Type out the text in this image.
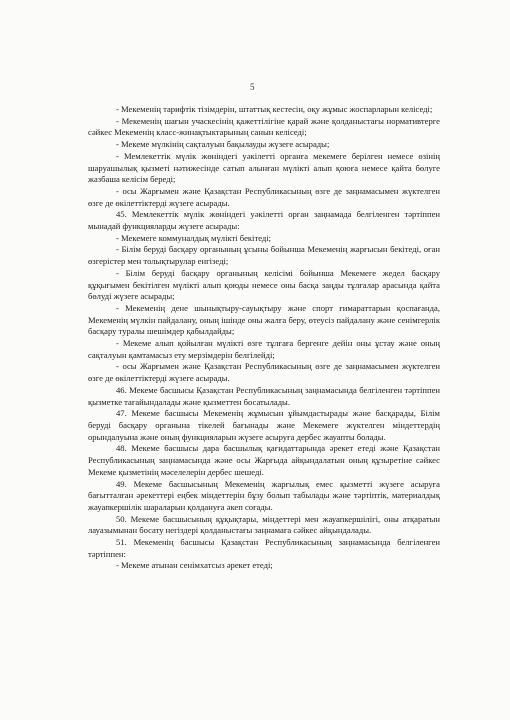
5

- Мекеменің тарифтік тізімдерін, штаттық кестесін, оқу жұмыс жоспарларын келіседі;

- Мекеменің шағын учаскесінің қажеттілігіне қарай және қолданыстағы нормативтерге сәйкес Мекеменің класс-жинақтыктарының санын келіседі;

- Мекеме мүлкінің сақталуын бақылауды жүзеге асырады;

- Мемлекеттік мүлік жөніндегі уәкілетті органға мекемеге берілген немесе өзінің шаруашылық қызметі нәтижесінде сатып алынған мүлікті алып қоюға немесе қайта бөлуге жазбаша келісім береді;

- осы Жарғымен және Қазақстан Республикасының өзге де заңнамасымен жүктелген өзге де өкілеттіктерді жүзеге асырады.

45. Мемлекеттік мүлік жөніндегі уәкілетті орган заңнамада белгіленген тәртіппен мынадай функцияларды жүзеге асырады:

- Мекемеге коммуналдық мүлікті бекітеді;

- Білім беруді басқару органының ұсыны бойынша Мекеменің жарғысын бекітеді, оған өзгерістер мен толықтырулар енгізеді;

- Білім беруді басқару органының келісімі бойынша Мекемеге жедел басқару құқығымен бекітілген мүлікті алып қоюды немесе оны басқа заңды тұлғалар арасында қайта бөлуді жүзеге асырады;

- Мекеменің дене шынықтыру-сауықтыру және спорт ғимараттарын қоспағанда, Мекеменің мүлкін пайдалану, оның ішінде оны жалға беру, өтеусіз пайдалану және сенімгерлік басқару туралы шешімдер қабылдайды;

- Мекеме алып қойылған мүлікті өзге тұлғаға бергенге дейін оны ұстау және оның сақталуын қамтамасыз ету мерзімдерін белгілейді;

- осы Жарғымен және Қазақстан Республикасының өзге де заңнамасымен жүктелген өзге де өкілеттіктерді жүзеге асырады.

46. Мекеме басшысы Қазақстан Республикасының заңнамасында белгіленген тәртіппен қызметке тағайындалады және қызметтен босатылады.

47. Мекеме басшысы Мекеменің жұмысын ұйымдастырады және басқарады, Білім беруді басқару органына тікелей бағынады және Мекемеге жүктелген міндеттердің орындалуына және оның функцияларын жүзеге асыруға дербес жауапты болады.

48. Мекеме басшысы дара басшылық қағидаттарында әрекет етеді және Қазақстан Республикасының заңнамасында және осы Жарғыда айқындалатын оның құзыретіне сәйкес Мекеме қызметінің мәселелерін дербес шешеді.

49. Мекеме басшысының Мекеменің жарғылық емес қызметті жүзеге асыруға бағытталған әрекеттері еңбек міндеттерін бұзу болып табылады және тәртіптік, материалдық жауапкершілік шараларын қолдануға әкеп соғады.

50. Мекеме басшысының құқықтары, міндеттері мен жауапкершілігі, оны атқаратын лауазымынан босату негіздері қолданыстағы заңнамаға сәйкес айқындалады.

51. Мекеменің басшысы Қазақстан Республикасының заңнамасында белгіленген тәртіппен:

- Мекеме атынан сенімхатсыз әрекет етеді;
